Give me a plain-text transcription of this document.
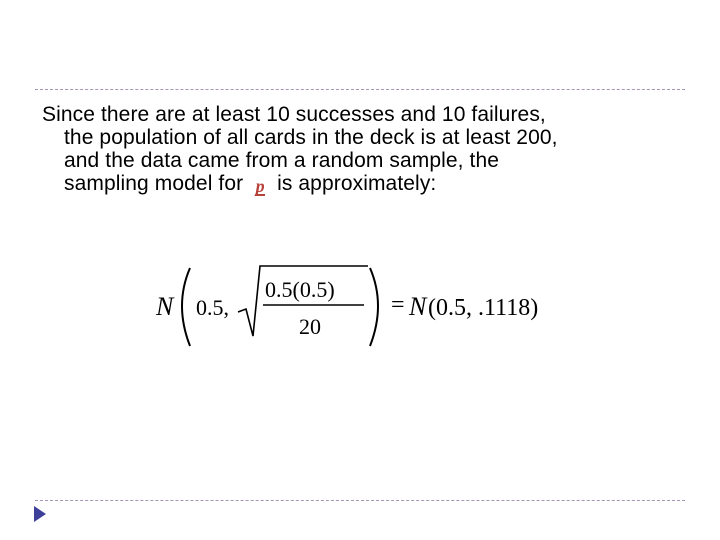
Since there are at least 10 successes and 10 failures,
the population of all cards in the deck is at least 200,
and the data came from a random sample, the
sampling model for p is approximately:
N 0.5,
0.5(0.5)
20
= N (0.5, .1118)
